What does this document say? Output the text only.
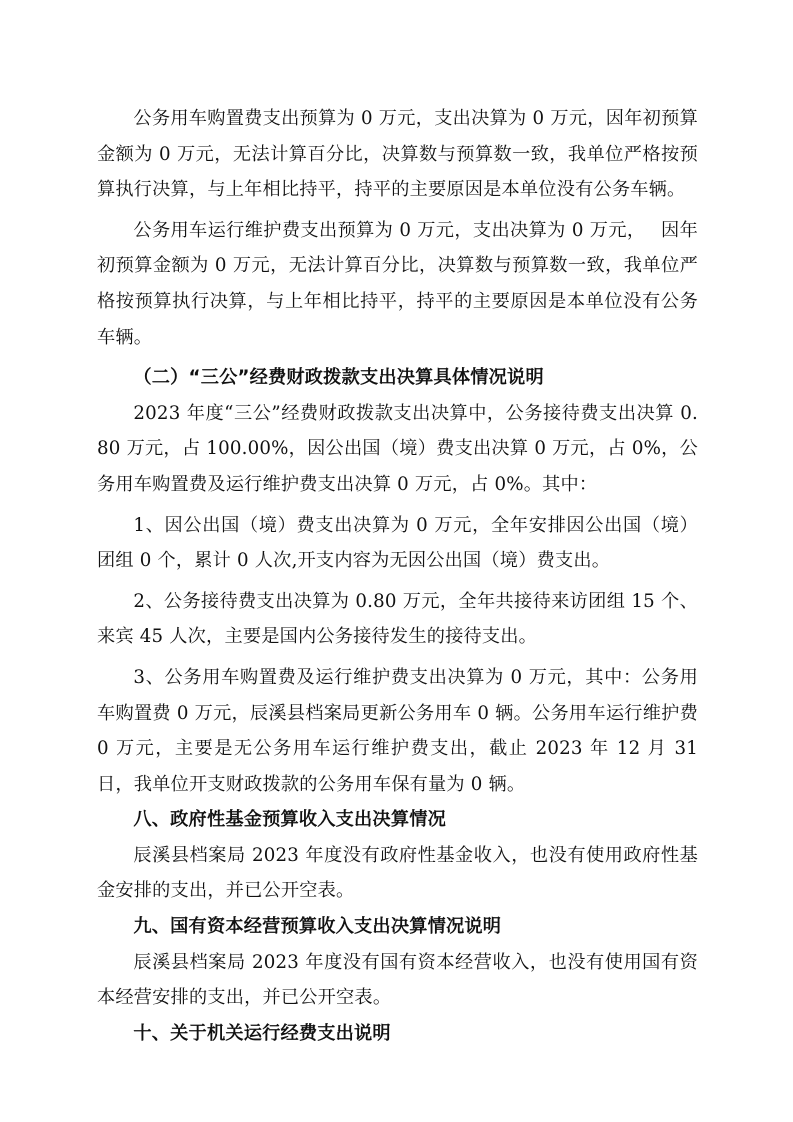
公务用车购置费支出预算为 0 万元，支出决算为 0 万元，因年初预算金额为 0 万元，无法计算百分比，决算数与预算数一致，我单位严格按预算执行决算，与上年相比持平，持平的主要原因是本单位没有公务车辆。

公务用车运行维护费支出预算为 0 万元，支出决算为 0 万元，　 因年初预算金额为 0 万元，无法计算百分比，决算数与预算数一致，我单位严格按预算执行决算，与上年相比持平，持平的主要原因是本单位没有公务车辆。

（二）“三公”经费财政拨款支出决算具体情况说明

2023 年度“三公”经费财政拨款支出决算中，公务接待费支出决算 0.80 万元，占 100.00%，因公出国（境）费支出决算 0 万元，占 0%，公务用车购置费及运行维护费支出决算 0 万元，占 0%。其中：

1、因公出国（境）费支出决算为 0 万元，全年安排因公出国（境）团组 0 个，累计 0 人次,开支内容为无因公出国（境）费支出。

2、公务接待费支出决算为 0.80 万元，全年共接待来访团组 15 个、来宾 45 人次，主要是国内公务接待发生的接待支出。

3、公务用车购置费及运行维护费支出决算为 0 万元，其中：公务用车购置费 0 万元，辰溪县档案局更新公务用车 0 辆。公务用车运行维护费 0 万元，主要是无公务用车运行维护费支出，截止 2023 年 12 月 31 日，我单位开支财政拨款的公务用车保有量为 0 辆。

八、政府性基金预算收入支出决算情况

辰溪县档案局 2023 年度没有政府性基金收入，也没有使用政府性基金安排的支出，并已公开空表。

九、国有资本经营预算收入支出决算情况说明

辰溪县档案局 2023 年度没有国有资本经营收入，也没有使用国有资本经营安排的支出，并已公开空表。

十、关于机关运行经费支出说明
